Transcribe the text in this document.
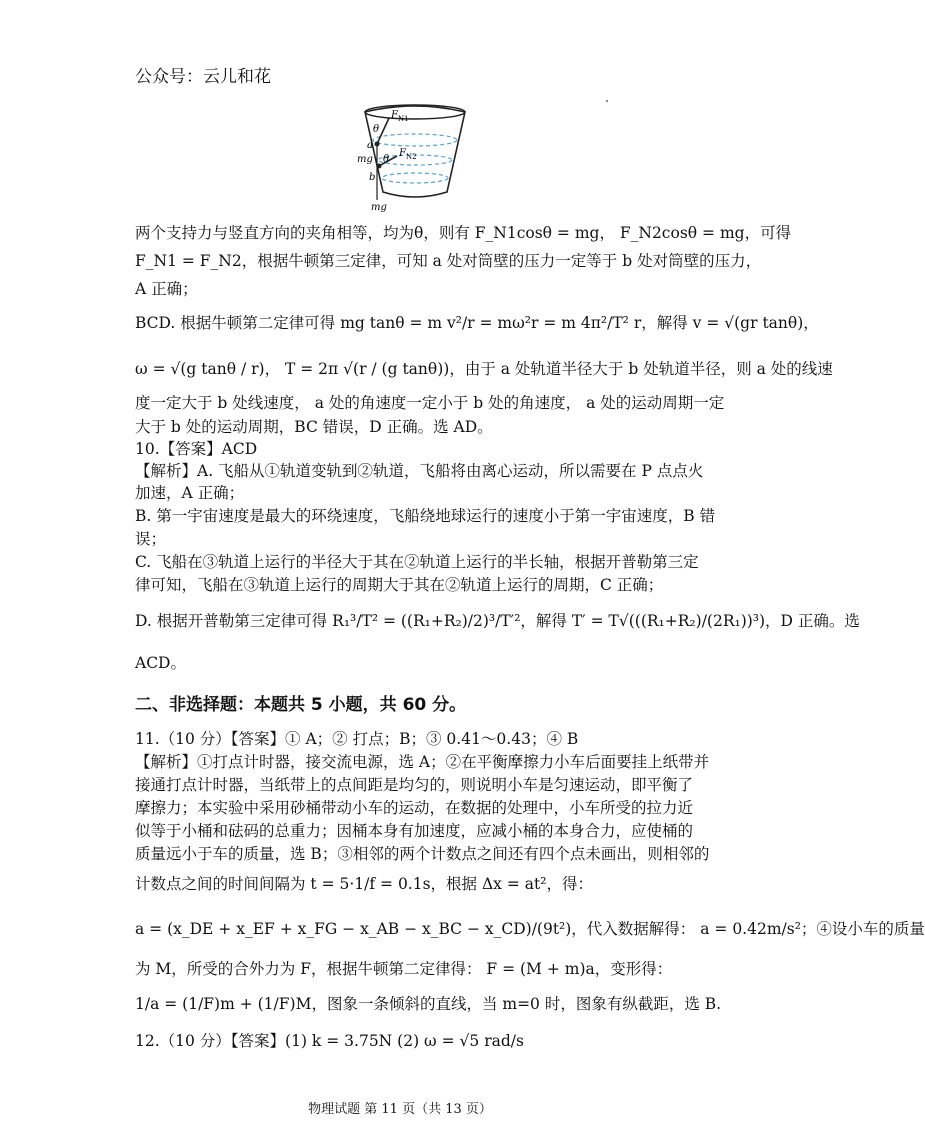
公众号：云儿和花
F N1
F N2
θ
θ
a
b
mg
mg
两个支持力与竖直方向的夹角相等，均为θ，则有 F_N1cosθ = mg， F_N2cosθ = mg，可得
F_N1 = F_N2，根据牛顿第三定律，可知 a 处对筒壁的压力一定等于 b 处对筒壁的压力，
A 正确；
BCD. 根据牛顿第二定律可得 mg tanθ = m v²/r = mω²r = m 4π²/T² r，解得 v = √(gr tanθ)，
ω = √(g tanθ / r)， T = 2π √(r / (g tanθ))，由于 a 处轨道半径大于 b 处轨道半径，则 a 处的线速
度一定大于 b 处线速度， a 处的角速度一定小于 b 处的角速度， a 处的运动周期一定
大于 b 处的运动周期，BC 错误，D 正确。选 AD。
10.【答案】ACD
【解析】A. 飞船从①轨道变轨到②轨道，飞船将由离心运动，所以需要在 P 点点火
加速，A 正确；
B. 第一宇宙速度是最大的环绕速度，飞船绕地球运行的速度小于第一宇宙速度，B 错
误；
C. 飞船在③轨道上运行的半径大于其在②轨道上运行的半长轴，根据开普勒第三定
律可知，飞船在③轨道上运行的周期大于其在②轨道上运行的周期，C 正确；
D. 根据开普勒第三定律可得 R₁³/T² = ((R₁+R₂)/2)³/T′²，解得 T′ = T√(((R₁+R₂)/(2R₁))³)，D 正确。选
ACD。
二、非选择题：本题共 5 小题，共 60 分。
11.（10 分）【答案】① A；② 打点；B；③ 0.41～0.43；④ B
【解析】①打点计时器，接交流电源，选 A；②在平衡摩擦力小车后面要挂上纸带并
接通打点计时器，当纸带上的点间距是均匀的，则说明小车是匀速运动，即平衡了
摩擦力；本实验中采用砂桶带动小车的运动，在数据的处理中，小车所受的拉力近
似等于小桶和砝码的总重力；因桶本身有加速度，应减小桶的本身合力，应使桶的
质量远小于车的质量，选 B；③相邻的两个计数点之间还有四个点未画出，则相邻的
计数点之间的时间间隔为 t = 5·1/f = 0.1s，根据 Δx = at²，得：
a = (x_DE + x_EF + x_FG − x_AB − x_BC − x_CD)/(9t²)，代入数据解得： a = 0.42m/s²；④设小车的质量
为 M，所受的合外力为 F，根据牛顿第二定律得： F = (M + m)a，变形得：
1/a = (1/F)m + (1/F)M，图象一条倾斜的直线，当 m=0 时，图象有纵截距，选 B.
12.（10 分）【答案】(1) k = 3.75N (2) ω = √5 rad/s
物理试题 第 11 页（共 13 页）
